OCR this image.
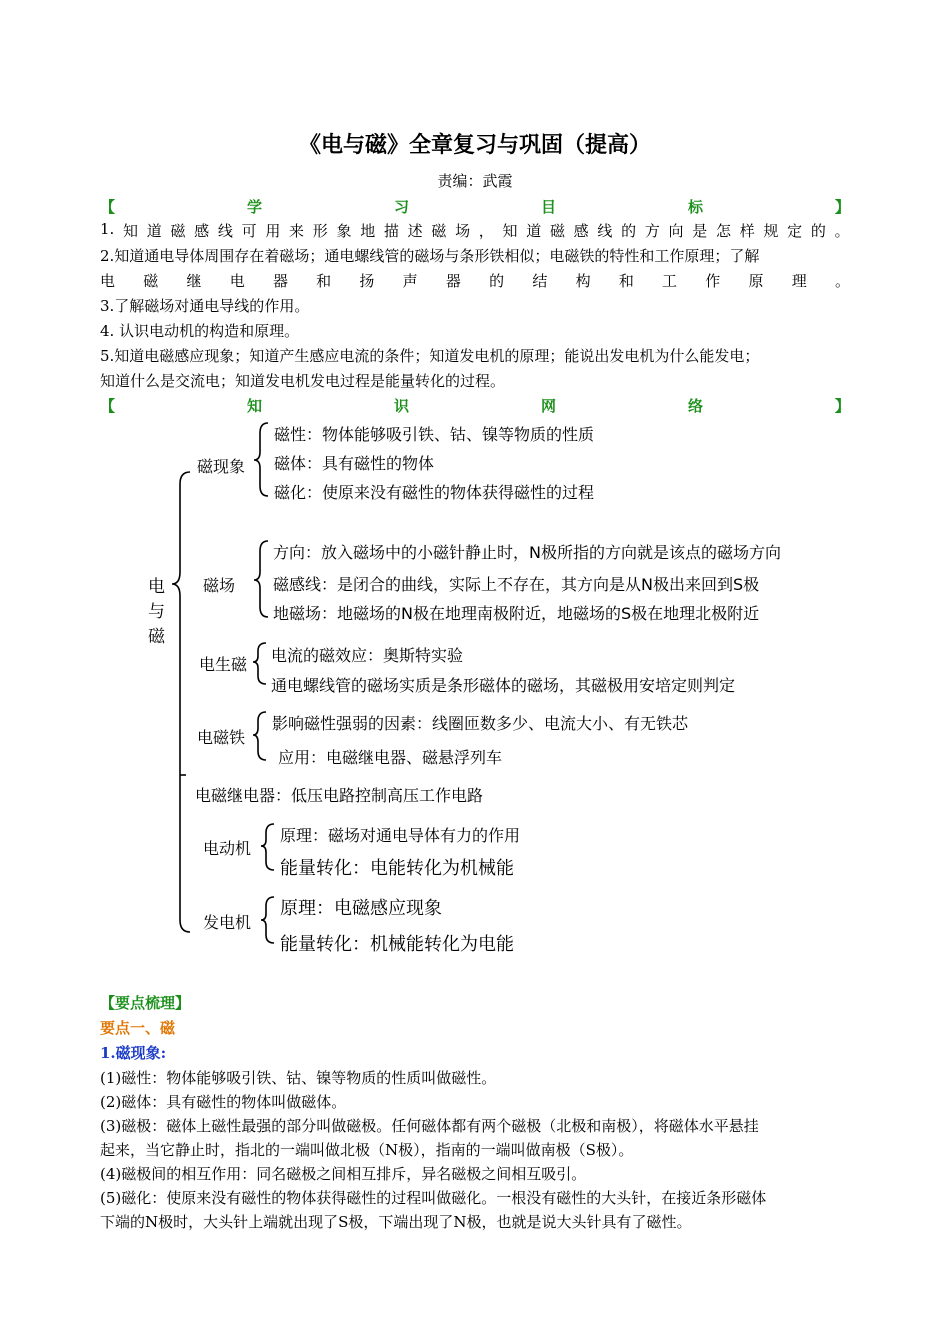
《电与磁》全章复习与巩固（提高）
责编：武霞
【	学	习	目	标	】
1. 知 道 磁 感 线 可 用 来 形 象 地 描 述 磁 场 ， 知 道 磁 感 线 的 方 向 是 怎 样 规 定 的 。
2.知道通电导体周围存在着磁场；通电螺线管的磁场与条形铁相似；电磁铁的特性和工作原理；了解
电 磁 继 电 器 和 扬 声 器 的 结 构 和 工 作 原 理 。
3.了解磁场对通电导线的作用。
4. 认识电动机的构造和原理。
5.知道电磁感应现象；知道产生感应电流的条件；知道发电机的原理；能说出发电机为什么能发电；
知道什么是交流电；知道发电机发电过程是能量转化的过程。
【	知	识	网	络	】
电
与
磁
磁现象
磁场
电生磁
电磁铁
电磁继电器：低压电路控制高压工作电路
电动机
发电机
磁性：物体能够吸引铁、钴、镍等物质的性质
磁体：具有磁性的物体
磁化：使原来没有磁性的物体获得磁性的过程
方向：放入磁场中的小磁针静止时，N极所指的方向就是该点的磁场方向
磁感线：是闭合的曲线，实际上不存在，其方向是从N极出来回到S极
地磁场：地磁场的N极在地理南极附近，地磁场的S极在地理北极附近
电流的磁效应：奥斯特实验
通电螺线管的磁场实质是条形磁体的磁场，其磁极用安培定则判定
影响磁性强弱的因素：线圈匝数多少、电流大小、有无铁芯
应用：电磁继电器、磁悬浮列车
原理：磁场对通电导体有力的作用
能量转化：电能转化为机械能
原理：电磁感应现象
能量转化：机械能转化为电能
【要点梳理】
要点一、磁
1.磁现象:
(1)磁性：物体能够吸引铁、钴、镍等物质的性质叫做磁性。
(2)磁体：具有磁性的物体叫做磁体。
(3)磁极：磁体上磁性最强的部分叫做磁极。任何磁体都有两个磁极（北极和南极），将磁体水平悬挂
起来，当它静止时，指北的一端叫做北极（N极），指南的一端叫做南极（S极）。
(4)磁极间的相互作用：同名磁极之间相互排斥，异名磁极之间相互吸引。
(5)磁化：使原来没有磁性的物体获得磁性的过程叫做磁化。一根没有磁性的大头针，在接近条形磁体
下端的N极时，大头针上端就出现了S极，下端出现了N极，也就是说大头针具有了磁性。
